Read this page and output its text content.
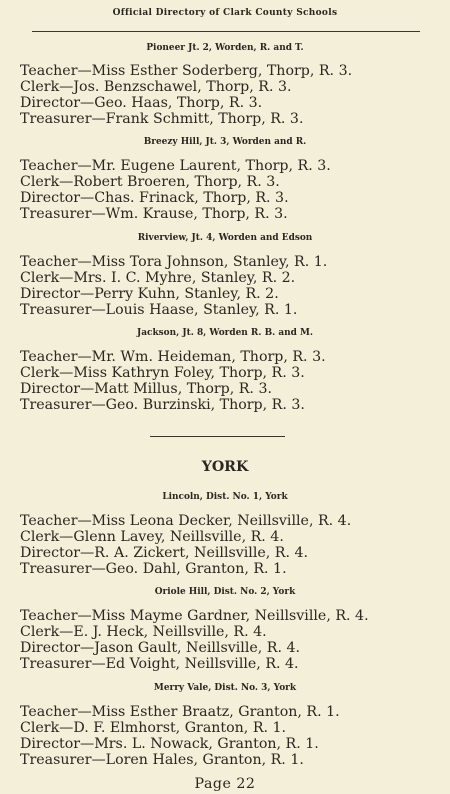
Official Directory of Clark County Schools
Pioneer Jt. 2, Worden, R. and T.
Teacher—Miss Esther Soderberg, Thorp, R. 3.
Clerk—Jos. Benzschawel, Thorp, R. 3.
Director—Geo. Haas, Thorp, R. 3.
Treasurer—Frank Schmitt, Thorp, R. 3.
Breezy Hill, Jt. 3, Worden and R.
Teacher—Mr. Eugene Laurent, Thorp, R. 3.
Clerk—Robert Broeren, Thorp, R. 3.
Director—Chas. Frinack, Thorp, R. 3.
Treasurer—Wm. Krause, Thorp, R. 3.
Riverview, Jt. 4, Worden and Edson
Teacher—Miss Tora Johnson, Stanley, R. 1.
Clerk—Mrs. I. C. Myhre, Stanley, R. 2.
Director—Perry Kuhn, Stanley, R. 2.
Treasurer—Louis Haase, Stanley, R. 1.
Jackson, Jt. 8, Worden R. B. and M.
Teacher—Mr. Wm. Heideman, Thorp, R. 3.
Clerk—Miss Kathryn Foley, Thorp, R. 3.
Director—Matt Millus, Thorp, R. 3.
Treasurer—Geo. Burzinski, Thorp, R. 3.
YORK
Lincoln, Dist. No. 1, York
Teacher—Miss Leona Decker, Neillsville, R. 4.
Clerk—Glenn Lavey, Neillsville, R. 4.
Director—R. A. Zickert, Neillsville, R. 4.
Treasurer—Geo. Dahl, Granton, R. 1.
Oriole Hill, Dist. No. 2, York
Teacher—Miss Mayme Gardner, Neillsville, R. 4.
Clerk—E. J. Heck, Neillsville, R. 4.
Director—Jason Gault, Neillsville, R. 4.
Treasurer—Ed Voight, Neillsville, R. 4.
Merry Vale, Dist. No. 3, York
Teacher—Miss Esther Braatz, Granton, R. 1.
Clerk—D. F. Elmhorst, Granton, R. 1.
Director—Mrs. L. Nowack, Granton, R. 1.
Treasurer—Loren Hales, Granton, R. 1.
Page 22
